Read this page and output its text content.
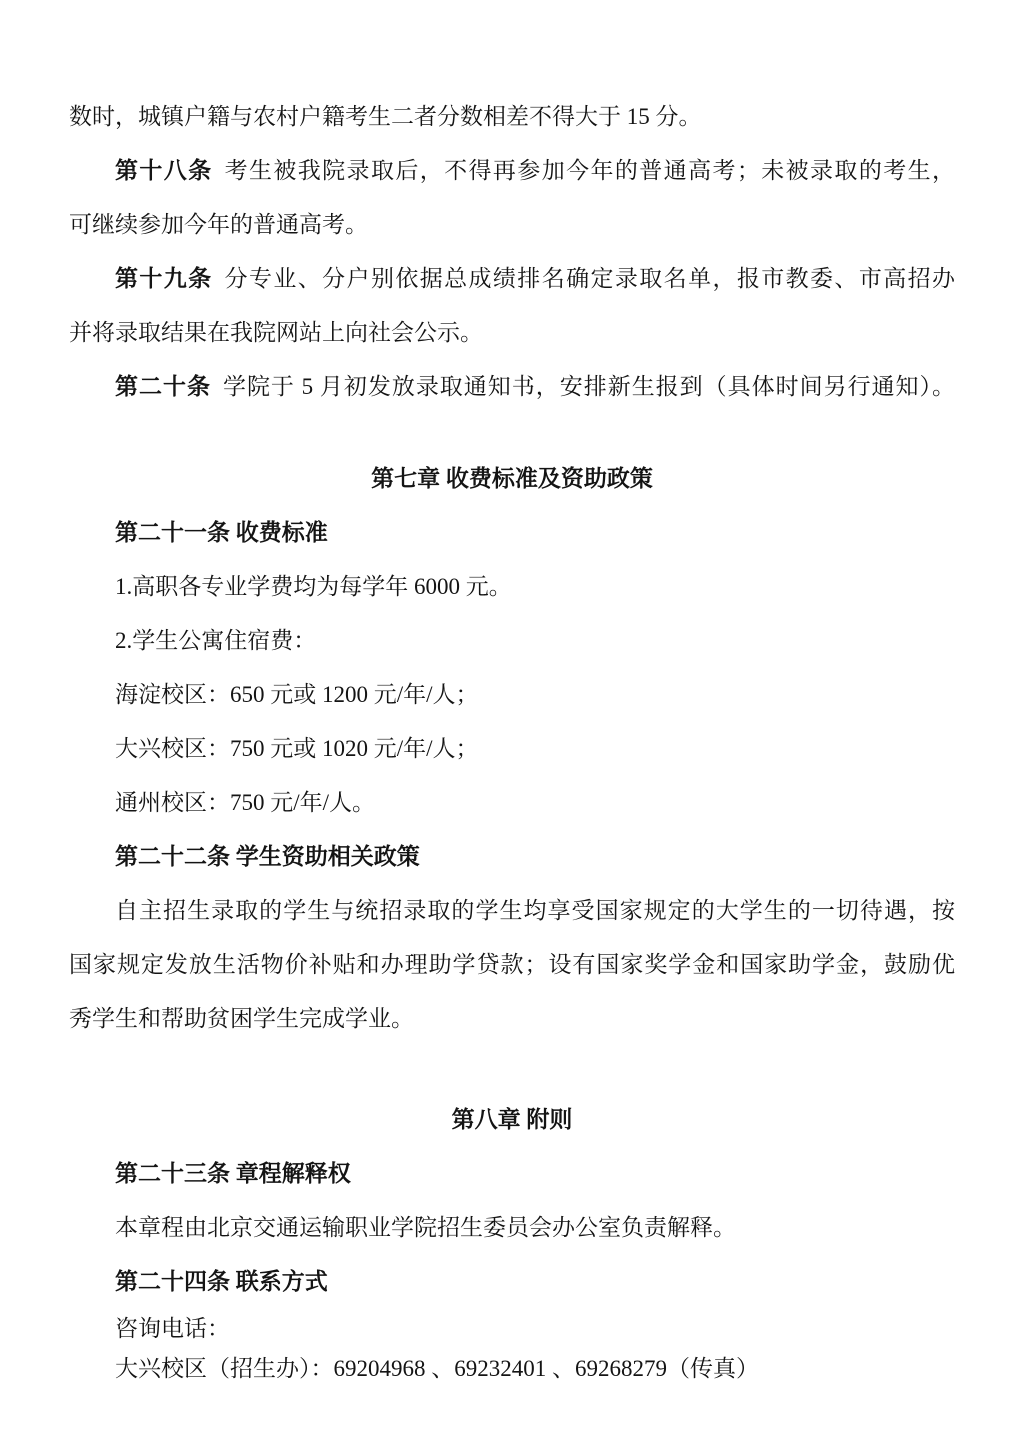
数时，城镇户籍与农村户籍考生二者分数相差不得大于 15 分。
第十八条 考生被我院录取后，不得再参加今年的普通高考；未被录取的考生，
可继续参加今年的普通高考。
第十九条 分专业、分户别依据总成绩排名确定录取名单，报市教委、市高招办
并将录取结果在我院网站上向社会公示。
第二十条 学院于 5 月初发放录取通知书，安排新生报到（具体时间另行通知）。
第七章 收费标准及资助政策
第二十一条 收费标准
1.高职各专业学费均为每学年 6000 元。
2.学生公寓住宿费：
海淀校区：650 元或 1200 元/年/人；
大兴校区：750 元或 1020 元/年/人；
通州校区：750 元/年/人。
第二十二条 学生资助相关政策
自主招生录取的学生与统招录取的学生均享受国家规定的大学生的一切待遇，按
国家规定发放生活物价补贴和办理助学贷款；设有国家奖学金和国家助学金，鼓励优
秀学生和帮助贫困学生完成学业。
第八章 附则
第二十三条 章程解释权
本章程由北京交通运输职业学院招生委员会办公室负责解释。
第二十四条 联系方式
咨询电话：
大兴校区（招生办）：69204968 、69232401 、69268279（传真）
